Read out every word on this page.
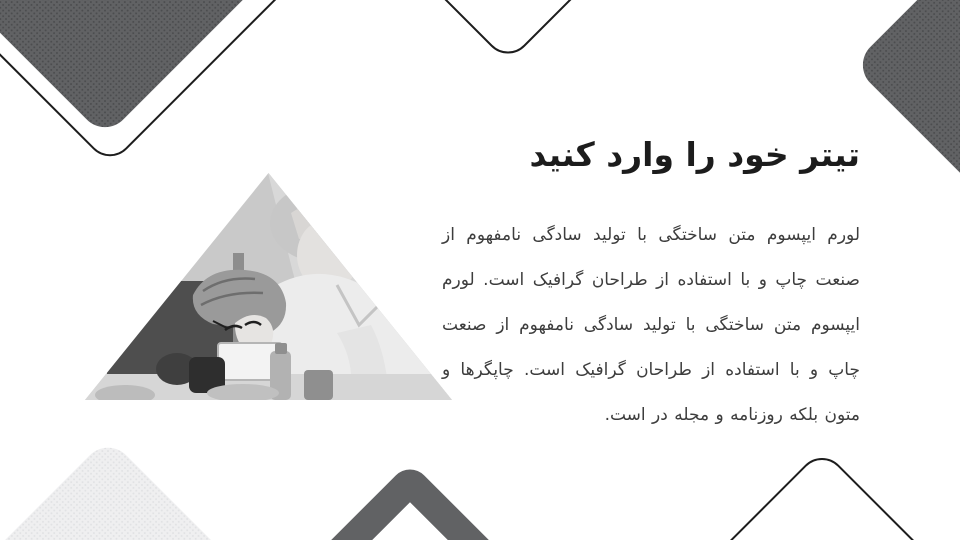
تیتر خود را وارد کنید

لورم ایپسوم متن ساختگی با تولید سادگی نامفهوم از صنعت چاپ و با استفاده از طراحان گرافیک است. لورم ایپسوم متن ساختگی با تولید سادگی نامفهوم از صنعت چاپ و با استفاده از طراحان گرافیک است. چاپگرها و متون بلکه روزنامه و مجله در است.
